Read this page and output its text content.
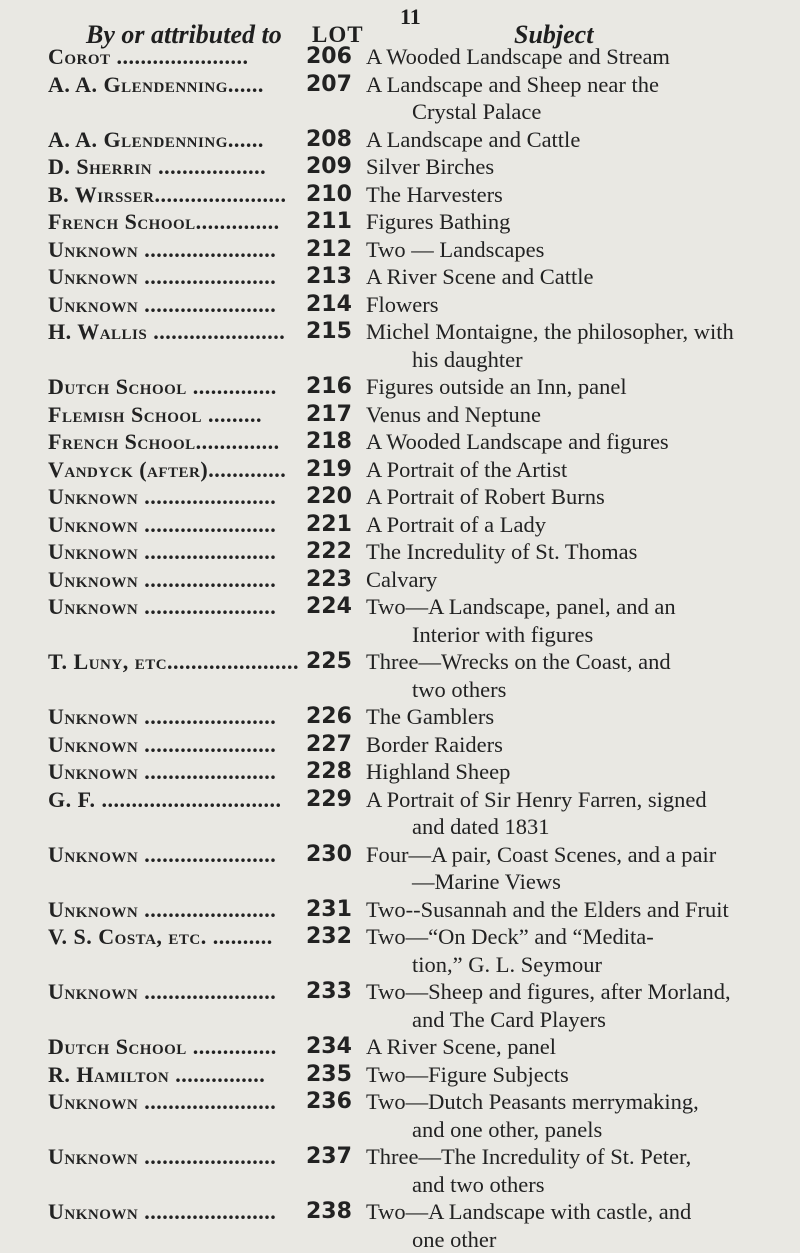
11
By or attributed to LOT	Subject
Corot ......................	206 A Wooded Landscape and Stream
A. A. Glendenning......	207 A Landscape and Sheep near the
Crystal Palace
A. A. Glendenning......	208 A Landscape and Cattle
D. Sherrin ..................	209 Silver Birches
B. Wirsser...................... 210 The Harvesters
French School..............	211 Figures Bathing
Unknown ......................	212 Two — Landscapes
Unknown ......................	213 A River Scene and Cattle
Unknown ......................	214 Flowers
H. Wallis ...................... 215 Michel Montaigne, the philosopher, with
his daughter
Dutch School ..............	216 Figures outside an Inn, panel
Flemish School .........	217 Venus and Neptune
French School..............	218 A Wooded Landscape and figures
Vandyck (after)............. 219 A Portrait of the Artist
Unknown ......................	220 A Portrait of Robert Burns
Unknown ......................	221 A Portrait of a Lady
Unknown ......................	222 The Incredulity of St. Thomas
Unknown ......................	223 Calvary
Unknown ......................	224 Two—A Landscape, panel, and an
Interior with figures
T. Luny, etc...................... 225 Three—Wrecks on the Coast, and
two others
Unknown ......................	226 The Gamblers
Unknown ......................	227 Border Raiders
Unknown ......................	228 Highland Sheep
G. F. ..............................	229 A Portrait of Sir Henry Farren, signed
and dated 1831
Unknown ......................	230 Four—A pair, Coast Scenes, and a pair
—Marine Views
Unknown ......................	231 Two--Susannah and the Elders and Fruit
V. S. Costa, etc. ..........	232 Two—“On Deck” and “Medita-
tion,” G. L. Seymour
Unknown ......................	233 Two—Sheep and figures, after Morland,
and The Card Players
Dutch School ..............	234 A River Scene, panel
R. Hamilton ...............	235 Two—Figure Subjects
Unknown ......................	236 Two—Dutch Peasants merrymaking,
and one other, panels
Unknown ......................	237 Three—The Incredulity of St. Peter,
and two others
Unknown ......................	238 Two—A Landscape with castle, and
one other
